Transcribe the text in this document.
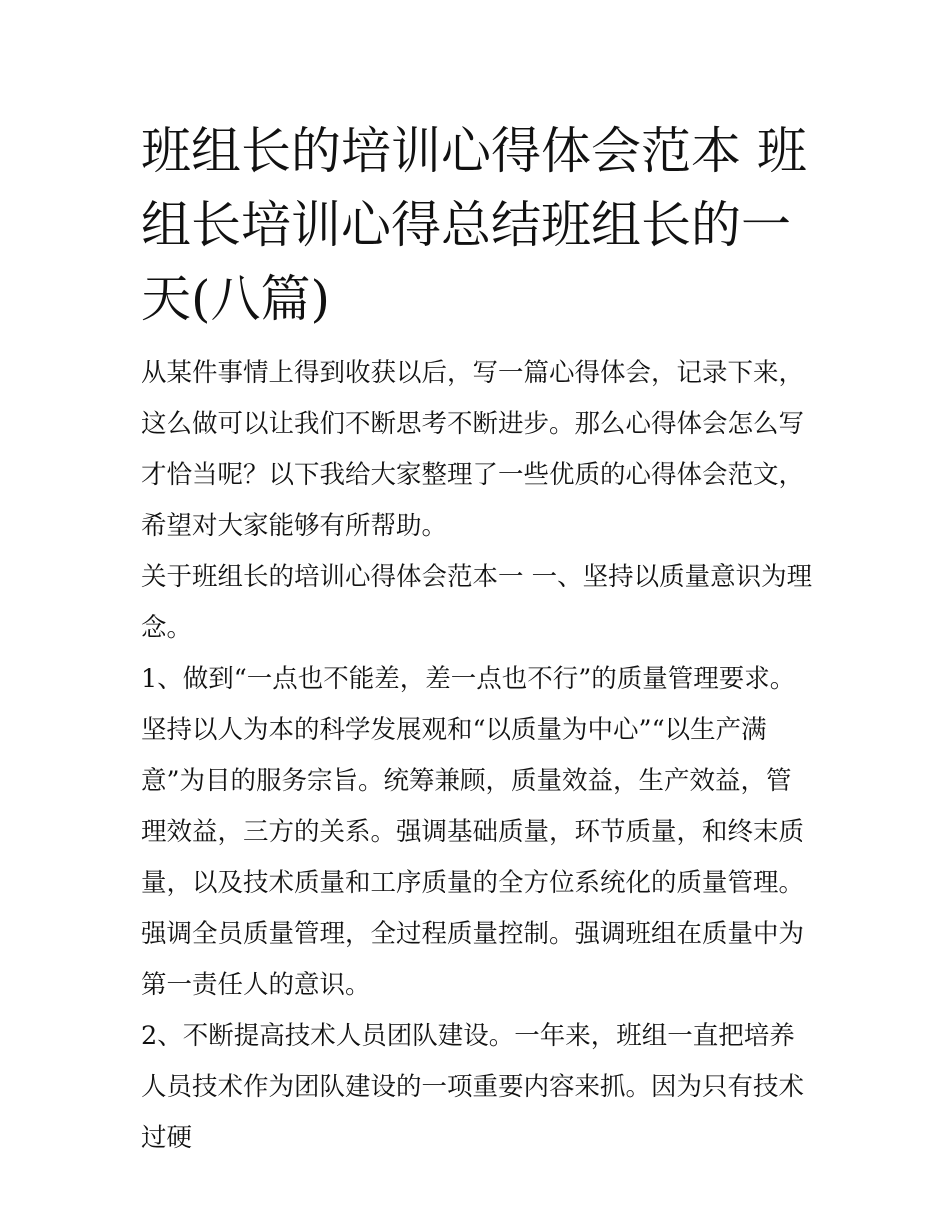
班组长的培训心得体会范本 班组长培训心得总结班组长的一天(八篇)

从某件事情上得到收获以后，写一篇心得体会，记录下来，这么做可以让我们不断思考不断进步。那么心得体会怎么写才恰当呢？以下我给大家整理了一些优质的心得体会范文，希望对大家能够有所帮助。

关于班组长的培训心得体会范本一 一、坚持以质量意识为理念。

1、做到“一点也不能差，差一点也不行”的质量管理要求。坚持以人为本的科学发展观和“以质量为中心”“以生产满意”为目的服务宗旨。统筹兼顾，质量效益，生产效益，管理效益，三方的关系。强调基础质量，环节质量，和终末质量，以及技术质量和工序质量的全方位系统化的质量管理。强调全员质量管理，全过程质量控制。强调班组在质量中为第一责任人的意识。

2、不断提高技术人员团队建设。一年来，班组一直把培养人员技术作为团队建设的一项重要内容来抓。因为只有技术过硬
